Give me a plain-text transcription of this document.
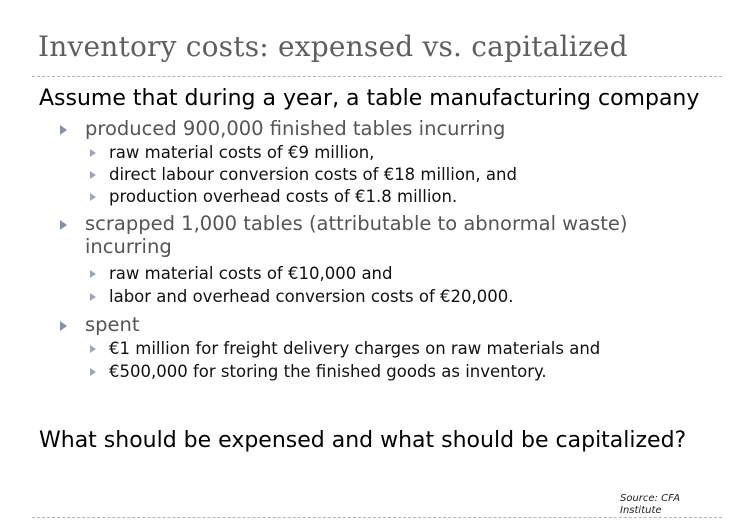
Inventory costs: expensed vs. capitalized
Assume that during a year, a table manufacturing company
produced 900,000 finished tables incurring
raw material costs of €9 million,
direct labour conversion costs of €18 million, and
production overhead costs of €1.8 million.
scrapped 1,000 tables (attributable to abnormal waste) incurring
raw material costs of €10,000 and
labor and overhead conversion costs of €20,000.
spent
€1 million for freight delivery charges on raw materials and
€500,000 for storing the finished goods as inventory.
What should be expensed and what should be capitalized?
Source: CFA Institute
